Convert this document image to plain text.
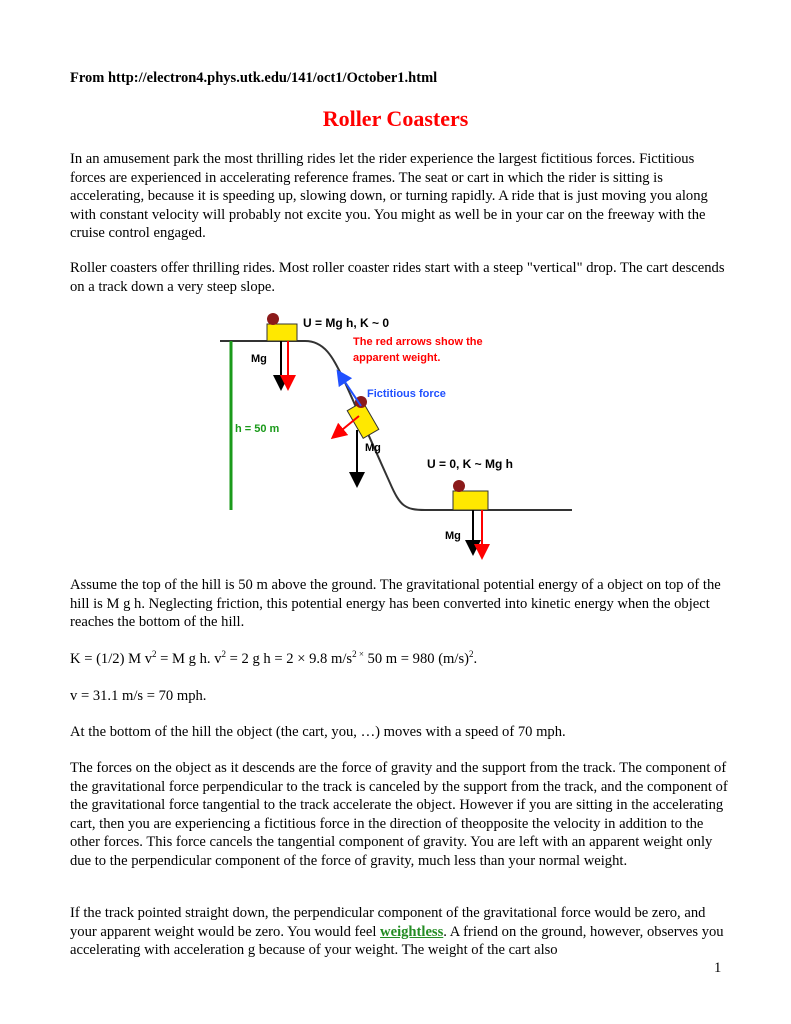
From http://electron4.phys.utk.edu/141/oct1/October1.html
Roller Coasters

In an amusement park the most thrilling rides let the rider experience the largest fictitious forces. Fictitious forces are experienced in accelerating reference frames. The seat or cart in which the rider is sitting is accelerating, because it is speeding up, slowing down, or turning rapidly. A ride that is just moving you along with constant velocity will probably not excite you. You might as well be in your car on the freeway with the cruise control engaged.

Roller coasters offer thrilling rides. Most roller coaster rides start with a steep "vertical" drop. The cart descends on a track down a very steep slope.

h = 50 m
Mg
U = Mg h, K ~ 0
The red arrows show the
apparent weight.
Fictitious force
Mg
U = 0, K ~ Mg h
Mg

Assume the top of the hill is 50 m above the ground. The gravitational potential energy of a object on top of the hill is M g h. Neglecting friction, this potential energy has been converted into kinetic energy when the object reaches the bottom of the hill.

K = (1/2) M $v^2 = M$ g h. $v^2 = 2$ g h = 2 × 9.8 $m/s^{2 \times}$ 50 m = 980 $(m/s)^2$.

v = 31.1 m/s = 70 mph.

At the bottom of the hill the object (the cart, you, …) moves with a speed of 70 mph.

The forces on the object as it descends are the force of gravity and the support from the track. The component of the gravitational force perpendicular to the track is canceled by the support from the track, and the component of the gravitational force tangential to the track accelerate the object. However if you are sitting in the accelerating cart, then you are experiencing a fictitious force in the direction of theopposite the velocity in addition to the other forces. This force cancels the tangential component of gravity. You are left with an apparent weight only due to the perpendicular component of the force of gravity, much less than your normal weight.

If the track pointed straight down, the perpendicular component of the gravitational force would be zero, and your apparent weight would be zero. You would feel weightless. A friend on the ground, however, observes you accelerating with acceleration g because of your weight. The weight of the cart also

1
